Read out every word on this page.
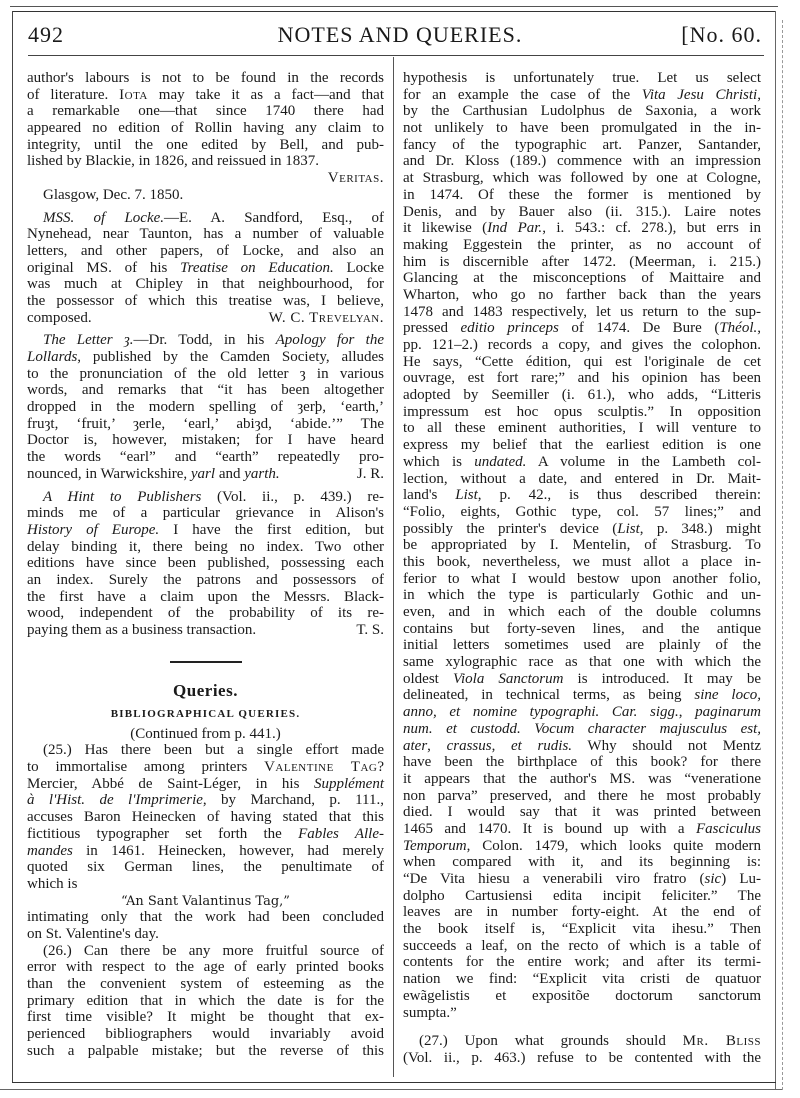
492	NOTES AND QUERIES.	[No. 60.
author's labours is not to be found in the records
of literature. Iota may take it as a fact—and that
a remarkable one—that since 1740 there had
appeared no edition of Rollin having any claim to
integrity, until the one edited by Bell, and pub-
lished by Blackie, in 1826, and reissued in 1837.
Veritas.
Glasgow, Dec. 7. 1850.
MSS. of Locke.—E. A. Sandford, Esq., of
Nynehead, near Taunton, has a number of valuable
letters, and other papers, of Locke, and also an
original MS. of his Treatise on Education. Locke
was much at Chipley in that neighbourhood, for
the possessor of which this treatise was, I believe,
composed.	W. C. Trevelyan.
The Letter ȝ.—Dr. Todd, in his Apology for the
Lollards, published by the Camden Society, alludes
to the pronunciation of the old letter ȝ in various
words, and remarks that “it has been altogether
dropped in the modern spelling of ȝerþ, ‘earth,’
fruȝt, ‘fruit,’ ȝerle, ‘earl,’ abiȝd, ‘abide.’” The
Doctor is, however, mistaken; for I have heard
the words “earl” and “earth” repeatedly pro-
nounced, in Warwickshire, yarl and yarth.	J. R.
A Hint to Publishers (Vol. ii., p. 439.) re-
minds me of a particular grievance in Alison's
History of Europe. I have the first edition, but
delay binding it, there being no index. Two other
editions have since been published, possessing each
an index. Surely the patrons and possessors of
the first have a claim upon the Messrs. Black-
wood, independent of the probability of its re-
paying them as a business transaction.	T. S.
Queries.
BIBLIOGRAPHICAL QUERIES.
(Continued from p. 441.)
(25.) Has there been but a single effort made
to immortalise among printers Valentine Tag?
Mercier, Abbé de Saint-Léger, in his Supplément
à l'Hist. de l'Imprimerie, by Marchand, p. 111.,
accuses Baron Heinecken of having stated that this
fictitious typographer set forth the Fables Alle-
mandes in 1461. Heinecken, however, had merely
quoted six German lines, the penultimate of
which is
“An Sant Valantinus Tag,”
intimating only that the work had been concluded
on St. Valentine's day.
(26.) Can there be any more fruitful source of
error with respect to the age of early printed books
than the convenient system of esteeming as the
primary edition that in which the date is for the
first time visible? It might be thought that ex-
perienced bibliographers would invariably avoid
such a palpable mistake; but the reverse of this
hypothesis is unfortunately true. Let us select
for an example the case of the Vita Jesu Christi,
by the Carthusian Ludolphus de Saxonia, a work
not unlikely to have been promulgated in the in-
fancy of the typographic art. Panzer, Santander,
and Dr. Kloss (189.) commence with an impression
at Strasburg, which was followed by one at Cologne,
in 1474. Of these the former is mentioned by
Denis, and by Bauer also (ii. 315.). Laire notes
it likewise (Ind Par., i. 543.: cf. 278.), but errs in
making Eggestein the printer, as no account of
him is discernible after 1472. (Meerman, i. 215.)
Glancing at the misconceptions of Maittaire and
Wharton, who go no farther back than the years
1478 and 1483 respectively, let us return to the sup-
pressed editio princeps of 1474. De Bure (Théol.,
pp. 121–2.) records a copy, and gives the colophon.
He says, “Cette édition, qui est l'originale de cet
ouvrage, est fort rare;” and his opinion has been
adopted by Seemiller (i. 61.), who adds, “Litteris
impressum est hoc opus sculptis.” In opposition
to all these eminent authorities, I will venture to
express my belief that the earliest edition is one
which is undated. A volume in the Lambeth col-
lection, without a date, and entered in Dr. Mait-
land's List, p. 42., is thus described therein:
“Folio, eights, Gothic type, col. 57 lines;” and
possibly the printer's device (List, p. 348.) might
be appropriated by I. Mentelin, of Strasburg. To
this book, nevertheless, we must allot a place in-
ferior to what I would bestow upon another folio,
in which the type is particularly Gothic and un-
even, and in which each of the double columns
contains but forty-seven lines, and the antique
initial letters sometimes used are plainly of the
same xylographic race as that one with which the
oldest Viola Sanctorum is introduced. It may be
delineated, in technical terms, as being sine loco,
anno, et nomine typographi. Car. sigg., paginarum
num. et custodd. Vocum character majusculus est,
ater, crassus, et rudis. Why should not Mentz
have been the birthplace of this book? for there
it appears that the author's MS. was “veneratione
non parva” preserved, and there he most probably
died. I would say that it was printed between
1465 and 1470. It is bound up with a Fasciculus
Temporum, Colon. 1479, which looks quite modern
when compared with it, and its beginning is:
“De Vita hiesu a venerabili viro fratro (sic) Lu-
dolpho Cartusiensi edita incipit feliciter.” The
leaves are in number forty-eight. At the end of
the book itself is, “Explicit vita ihesu.” Then
succeeds a leaf, on the recto of which is a table of
contents for the entire work; and after its termi-
nation we find: “Explicit vita cristi de quatuor
ewãgelistis et expositõe doctorum sanctorum
sumpta.”
(27.) Upon what grounds should Mr. Bliss
(Vol. ii., p. 463.) refuse to be contented with the
